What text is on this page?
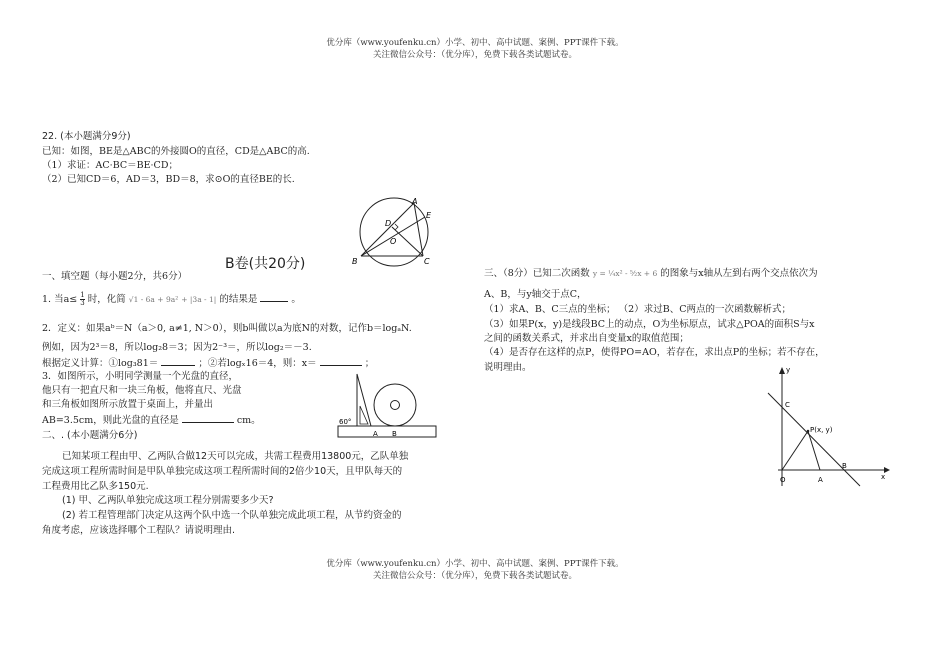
优分库（www.youfenku.cn）小学、初中、高中试题、案例、PPT课件下载。
关注微信公众号：（优分库），免费下载各类试题试卷。
22. (本小题满分9分)
已知：如图，BE是△ABC的外接圆O的直径，CD是△ABC的高.
（1）求证：AC·BC＝BE·CD；
（2）已知CD＝6，AD＝3，BD＝8，求⊙O的直径BE的长.
A
E
D
O
B	C
B卷(共20分)
一、填空题（每小题2分，共6分）
1. 当$a\le \frac{1}{3}$ 时，化简 √1 - 6a + 9a² + |3a - 1| 的结果是	。
2．定义：如果aᵇ＝N（a＞0, a≠1, N＞0），则b叫做以a为底N的对数，记作b＝logₐN.
例如，因为2³＝8，所以log₂8＝3；因为2⁻³＝，所以log₂＝－3.
根据定义计算：①log₃81＝	；②若logₓ16＝4，则：x＝	；
3．如图所示，小明同学测量一个光盘的直径，
他只有一把直尺和一块三角板，他将直尺、光盘
和三角板如图所示放置于桌面上，并量出
AB=3.5cm，则此光盘的直径是	cm。	60°
A B
二、. (本小题满分6分)
已知某项工程由甲、乙两队合做12天可以完成，共需工程费用13800元，乙队单独
完成这项工程所需时间是甲队单独完成这项工程所需时间的2倍少10天，且甲队每天的
工程费用比乙队多150元.
(1) 甲、乙两队单独完成这项工程分别需要多少天?
(2) 若工程管理部门决定从这两个队中选一个队单独完成此项工程，从节约资金的
角度考虑，应该选择哪个工程队？请说明理由.
三、（8分）已知二次函数 y = ¼x² - ⁵⁄₂x + 6 的图象与x轴从左到右两个交点依次为
A、B，与y轴交于点C，
（1）求A、B、C三点的坐标； （2）求过B、C两点的一次函数解析式；
（3）如果P(x，y)是线段BC上的动点，O为坐标原点，试求△POA的面积S与x
之间的函数关系式，并求出自变量x的取值范围；
（4）是否存在这样的点P，使得PO=AO，若存在，求出点P的坐标；若不存在，
说明理由。	y
x
C
P(x, y)
O	A
B
优分库（www.youfenku.cn）小学、初中、高中试题、案例、PPT课件下载。
关注微信公众号：（优分库），免费下载各类试题试卷。
